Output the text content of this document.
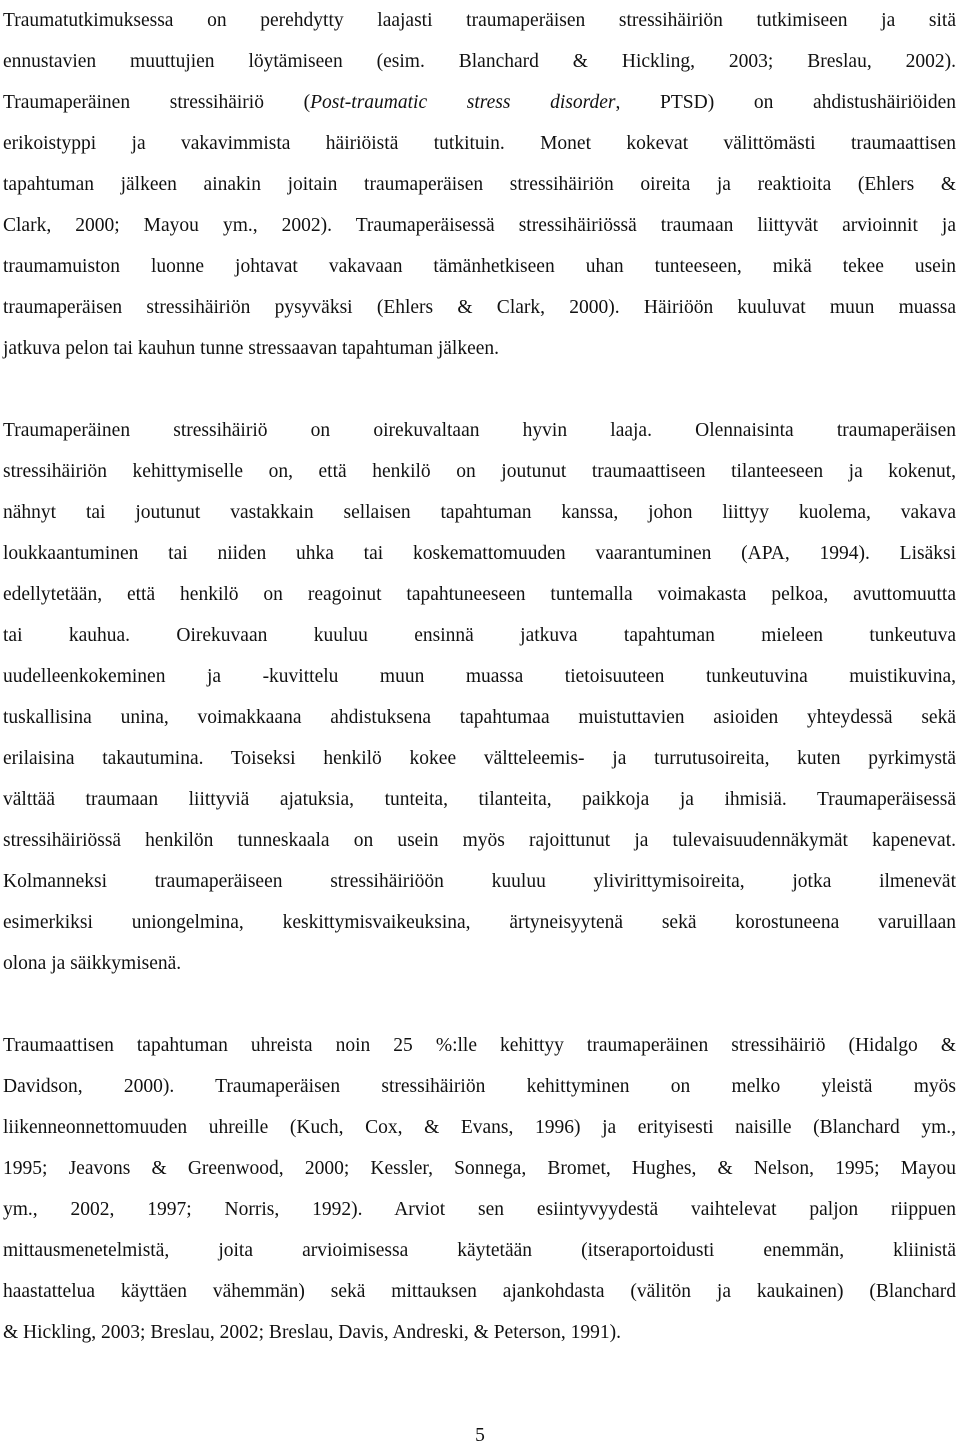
Traumatutkimuksessa on perehdytty laajasti traumaperäisen stressihäiriön tutkimiseen ja sitä
ennustavien muuttujien löytämiseen (esim. Blanchard & Hickling, 2003; Breslau, 2002).
Traumaperäinen stressihäiriö (Post-traumatic stress disorder, PTSD) on ahdistushäiriöiden
erikoistyppi ja vakavimmista häiriöistä tutkituin. Monet kokevat välittömästi traumaattisen
tapahtuman jälkeen ainakin joitain traumaperäisen stressihäiriön oireita ja reaktioita (Ehlers &
Clark, 2000; Mayou ym., 2002). Traumaperäisessä stressihäiriössä traumaan liittyvät arvioinnit ja
traumamuiston luonne johtavat vakavaan tämänhetkiseen uhan tunteeseen, mikä tekee usein
traumaperäisen stressihäiriön pysyväksi (Ehlers & Clark, 2000). Häiriöön kuuluvat muun muassa
jatkuva pelon tai kauhun tunne stressaavan tapahtuman jälkeen.

Traumaperäinen stressihäiriö on oirekuvaltaan hyvin laaja. Olennaisinta traumaperäisen
stressihäiriön kehittymiselle on, että henkilö on joutunut traumaattiseen tilanteeseen ja kokenut,
nähnyt tai joutunut vastakkain sellaisen tapahtuman kanssa, johon liittyy kuolema, vakava
loukkaantuminen tai niiden uhka tai koskemattomuuden vaarantuminen (APA, 1994). Lisäksi
edellytetään, että henkilö on reagoinut tapahtuneeseen tuntemalla voimakasta pelkoa, avuttomuutta
tai kauhua. Oirekuvaan kuuluu ensinnä jatkuva tapahtuman mieleen tunkeutuva
uudelleenkokeminen ja -kuvittelu muun muassa tietoisuuteen tunkeutuvina muistikuvina,
tuskallisina unina, voimakkaana ahdistuksena tapahtumaa muistuttavien asioiden yhteydessä sekä
erilaisina takautumina. Toiseksi henkilö kokee vältteleemis- ja turrutusoireita, kuten pyrkimystä
välttää traumaan liittyviä ajatuksia, tunteita, tilanteita, paikkoja ja ihmisiä. Traumaperäisessä
stressihäiriössä henkilön tunneskaala on usein myös rajoittunut ja tulevaisuudennäkymät kapenevat.
Kolmanneksi traumaperäiseen stressihäiriöön kuuluu ylivirittymisoireita, jotka ilmenevät
esimerkiksi uniongelmina, keskittymisvaikeuksina, ärtyneisyytenä sekä korostuneena varuillaan
olona ja säikkymisenä.

Traumaattisen tapahtuman uhreista noin 25 %:lle kehittyy traumaperäinen stressihäiriö (Hidalgo &
Davidson, 2000). Traumaperäisen stressihäiriön kehittyminen on melko yleistä myös
liikenneonnettomuuden uhreille (Kuch, Cox, & Evans, 1996) ja erityisesti naisille (Blanchard ym.,
1995; Jeavons & Greenwood, 2000; Kessler, Sonnega, Bromet, Hughes, & Nelson, 1995; Mayou
ym., 2002, 1997; Norris, 1992). Arviot sen esiintyvyydestä vaihtelevat paljon riippuen
mittausmenetelmistä, joita arvioimisessa käytetään (itseraportoidusti enemmän, kliinistä
haastattelua käyttäen vähemmän) sekä mittauksen ajankohdasta (välitön ja kaukainen) (Blanchard
& Hickling, 2003; Breslau, 2002; Breslau, Davis, Andreski, & Peterson, 1991).

5
